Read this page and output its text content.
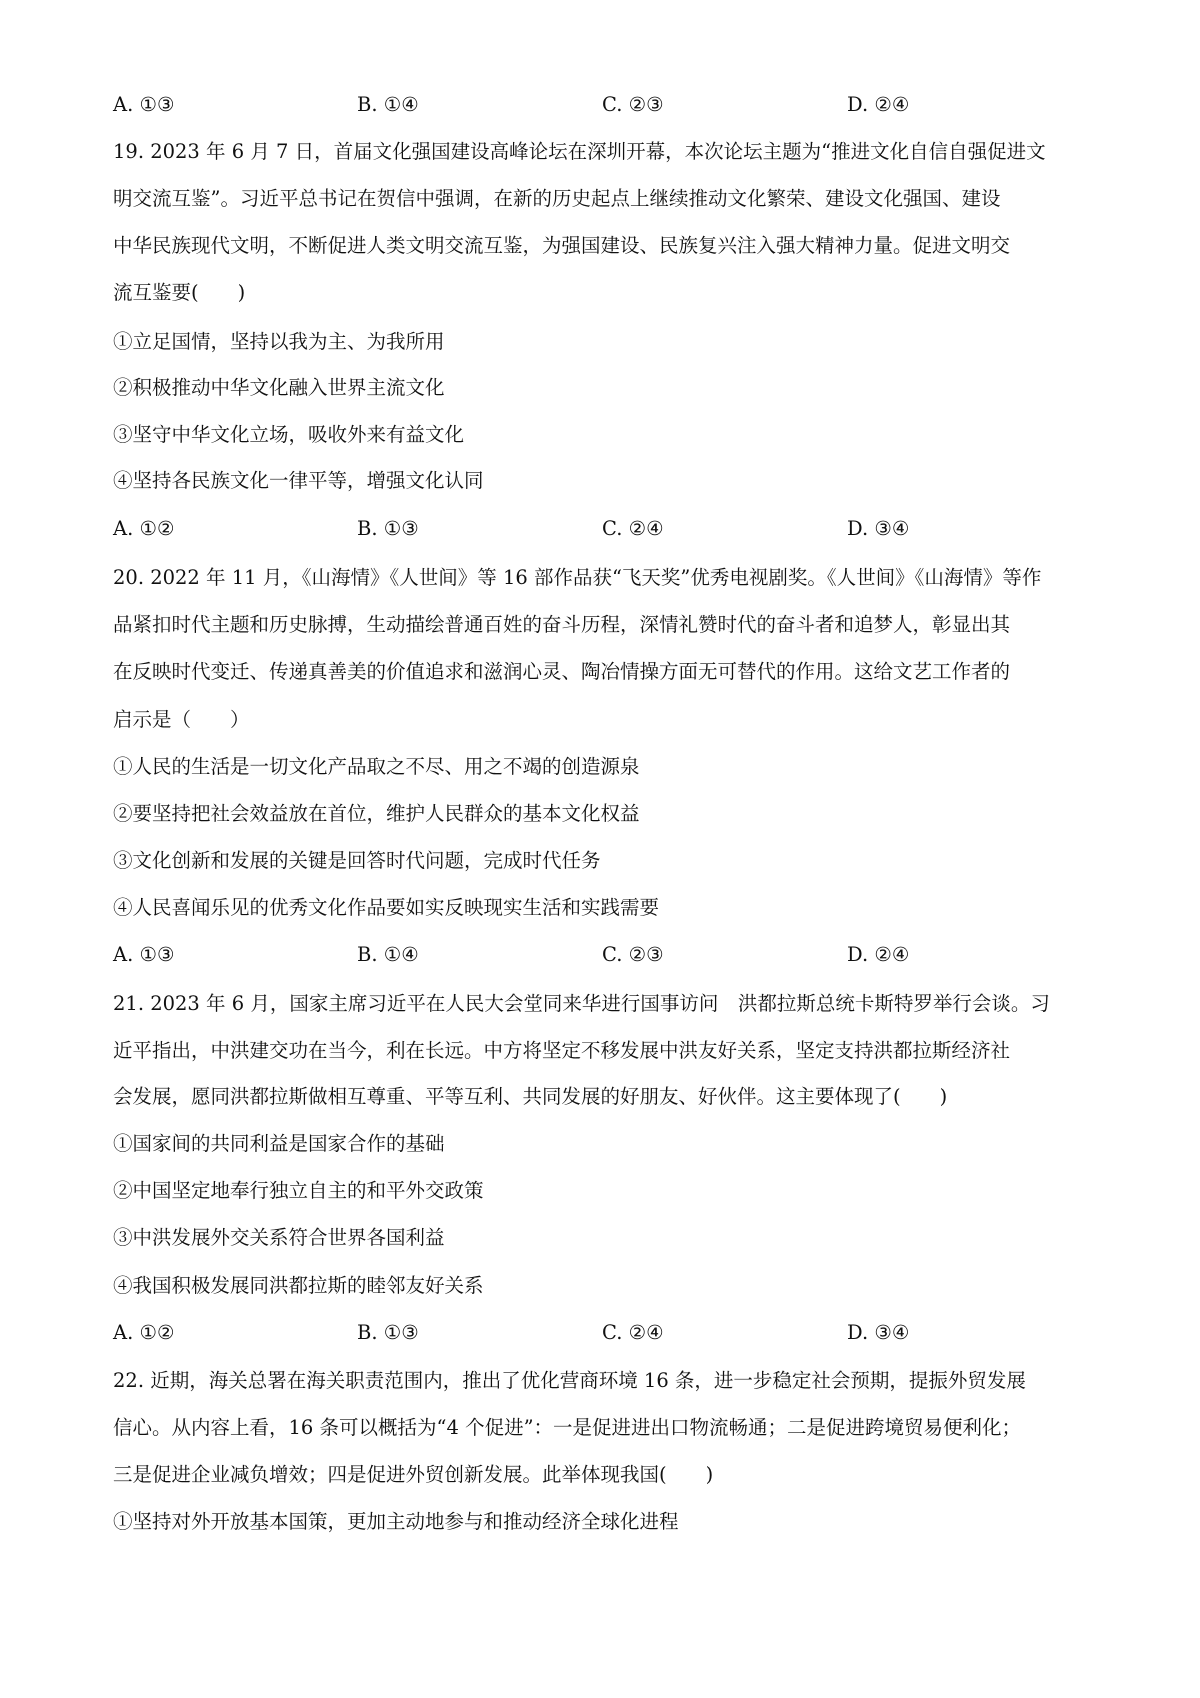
A. ①③	B. ①④	C. ②③	D. ②④
19. 2023 年 6 月 7 日，首届文化强国建设高峰论坛在深圳开幕，本次论坛主题为“推进文化自信自强促进文
明交流互鉴”。习近平总书记在贺信中强调，在新的历史起点上继续推动文化繁荣、建设文化强国、建设
中华民族现代文明，不断促进人类文明交流互鉴，为强国建设、民族复兴注入强大精神力量。促进文明交
流互鉴要(　　)
①立足国情，坚持以我为主、为我所用
②积极推动中华文化融入世界主流文化
③坚守中华文化立场，吸收外来有益文化
④坚持各民族文化一律平等，增强文化认同
A. ①②	B. ①③	C. ②④	D. ③④
20. 2022 年 11 月，《山海情》《人世间》等 16 部作品获“飞天奖”优秀电视剧奖。《人世间》《山海情》等作
品紧扣时代主题和历史脉搏，生动描绘普通百姓的奋斗历程，深情礼赞时代的奋斗者和追梦人，彰显出其
在反映时代变迁、传递真善美的价值追求和滋润心灵、陶冶情操方面无可替代的作用。这给文艺工作者的
启示是（　　）
①人民的生活是一切文化产品取之不尽、用之不竭的创造源泉
②要坚持把社会效益放在首位，维护人民群众的基本文化权益
③文化创新和发展的关键是回答时代问题，完成时代任务
④人民喜闻乐见的优秀文化作品要如实反映现实生活和实践需要
A. ①③	B. ①④	C. ②③	D. ②④
21. 2023 年 6 月，国家主席习近平在人民大会堂同来华进行国事访问　洪都拉斯总统卡斯特罗举行会谈。习
近平指出，中洪建交功在当今，利在长远。中方将坚定不移发展中洪友好关系，坚定支持洪都拉斯经济社
会发展，愿同洪都拉斯做相互尊重、平等互利、共同发展的好朋友、好伙伴。这主要体现了(　　)
①国家间的共同利益是国家合作的基础
②中国坚定地奉行独立自主的和平外交政策
③中洪发展外交关系符合世界各国利益
④我国积极发展同洪都拉斯的睦邻友好关系
A. ①②	B. ①③	C. ②④	D. ③④
22. 近期，海关总署在海关职责范围内，推出了优化营商环境 16 条，进一步稳定社会预期，提振外贸发展
信心。从内容上看，16 条可以概括为“4 个促进”：一是促进进出口物流畅通；二是促进跨境贸易便利化；
三是促进企业减负增效；四是促进外贸创新发展。此举体现我国(　　)
①坚持对外开放基本国策，更加主动地参与和推动经济全球化进程
